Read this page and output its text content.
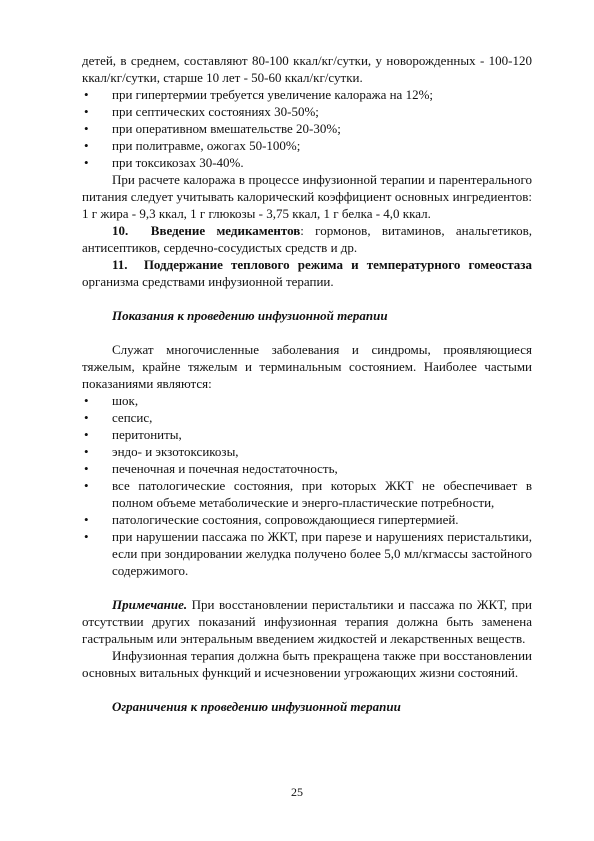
детей, в среднем, составляют 80-100 ккал/кг/сутки, у новорожденных - 100-120 ккал/кг/сутки, старше 10 лет - 50-60 ккал/кг/сутки.

• при гипертермии требуется увеличение калоража на 12%;
• при септических состояниях 30-50%;
• при оперативном вмешательстве 20-30%;
• при политравме, ожогах 50-100%;
• при токсикозах 30-40%.

При расчете калоража в процессе инфузионной терапии и парентерального питания следует учитывать калорический коэффициент основных ингредиентов: 1 г жира - 9,3 ккал, 1 г глюкозы - 3,75 ккал, 1 г белка - 4,0 ккал.

10. Введение медикаментов: гормонов, витаминов, анальгетиков, антисептиков, сердечно-сосудистых средств и др.

11. Поддержание теплового режима и температурного гомеостаза организма средствами инфузионной терапии.

Показания к проведению инфузионной терапии

Служат многочисленные заболевания и синдромы, проявляющиеся тяжелым, крайне тяжелым и терминальным состоянием. Наиболее частыми показаниями являются:

• шок,
• сепсис,
• перитониты,
• эндо- и экзотоксикозы,
• печеночная и почечная недостаточность,
• все патологические состояния, при которых ЖКТ не обеспечивает в полном объеме метаболические и энерго-пластические потребности,
• патологические состояния, сопровождающиеся гипертермией.
• при нарушении пассажа по ЖКТ, при парезе и нарушениях перистальтики, если при зондировании желудка получено более 5,0 мл/кгмассы застойного содержимого.

Примечание. При восстановлении перистальтики и пассажа по ЖКТ, при отсутствии других показаний инфузионная терапия должна быть заменена гастральным или энтеральным введением жидкостей и лекарственных веществ.

Инфузионная терапия должна быть прекращена также при восстановлении основных витальных функций и исчезновении угрожающих жизни состояний.

Ограничения к проведению инфузионной терапии

25
